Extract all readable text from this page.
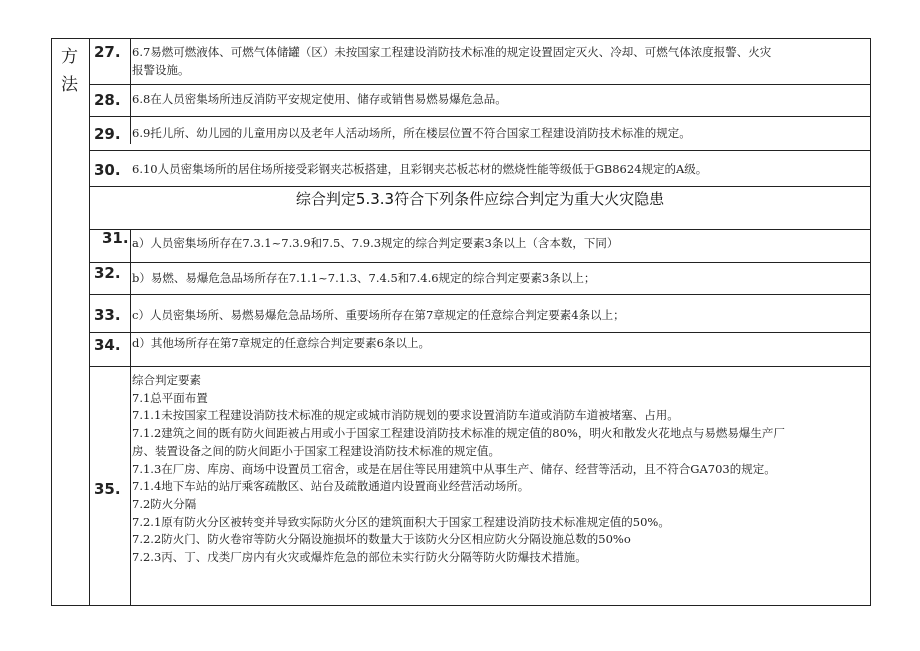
方法
27. 6.7易燃可燃液体、可燃气体储罐（区）未按国家工程建设消防技术标准的规定设置固定灭火、冷却、可燃气体浓度报警、火灾
报警设施。
28. 6.8在人员密集场所违反消防平安规定使用、储存或销售易燃易爆危急品。
29. 6.9托儿所、幼儿园的儿童用房以及老年人活动场所，所在楼层位置不符合国家工程建设消防技术标准的规定。
30. 6.10人员密集场所的居住场所接受彩钢夹芯板搭建，且彩钢夹芯板芯材的燃烧性能等级低于GB8624规定的A级。
综合判定5.3.3符合下列条件应综合判定为重大火灾隐患
31. a）人员密集场所存在7.3.1~7.3.9和7.5、7.9.3规定的综合判定要素3条以上（含本数，下同）
32. b）易燃、易爆危急品场所存在7.1.1~7.1.3、7.4.5和7.4.6规定的综合判定要素3条以上；
33. c）人员密集场所、易燃易爆危急品场所、重要场所存在第7章规定的任意综合判定要素4条以上；
34. d）其他场所存在第7章规定的任意综合判定要素6条以上。
35.
综合判定要素
7.1总平面布置
7.1.1未按国家工程建设消防技术标准的规定或城市消防规划的要求设置消防车道或消防车道被堵塞、占用。
7.1.2建筑之间的既有防火间距被占用或小于国家工程建设消防技术标准的规定值的80%，明火和散发火花地点与易燃易爆生产厂
房、装置设备之间的防火间距小于国家工程建设消防技术标准的规定值。
7.1.3在厂房、库房、商场中设置员工宿舍，或是在居住等民用建筑中从事生产、储存、经营等活动，且不符合GA703的规定。
7.1.4地下车站的站厅乘客疏散区、站台及疏散通道内设置商业经营活动场所。
7.2防火分隔
7.2.1原有防火分区被转变并导致实际防火分区的建筑面积大于国家工程建设消防技术标准规定值的50%。
7.2.2防火门、防火卷帘等防火分隔设施损坏的数量大于该防火分区相应防火分隔设施总数的50%o
7.2.3丙、丁、戊类厂房内有火灾或爆炸危急的部位未实行防火分隔等防火防爆技术措施。
